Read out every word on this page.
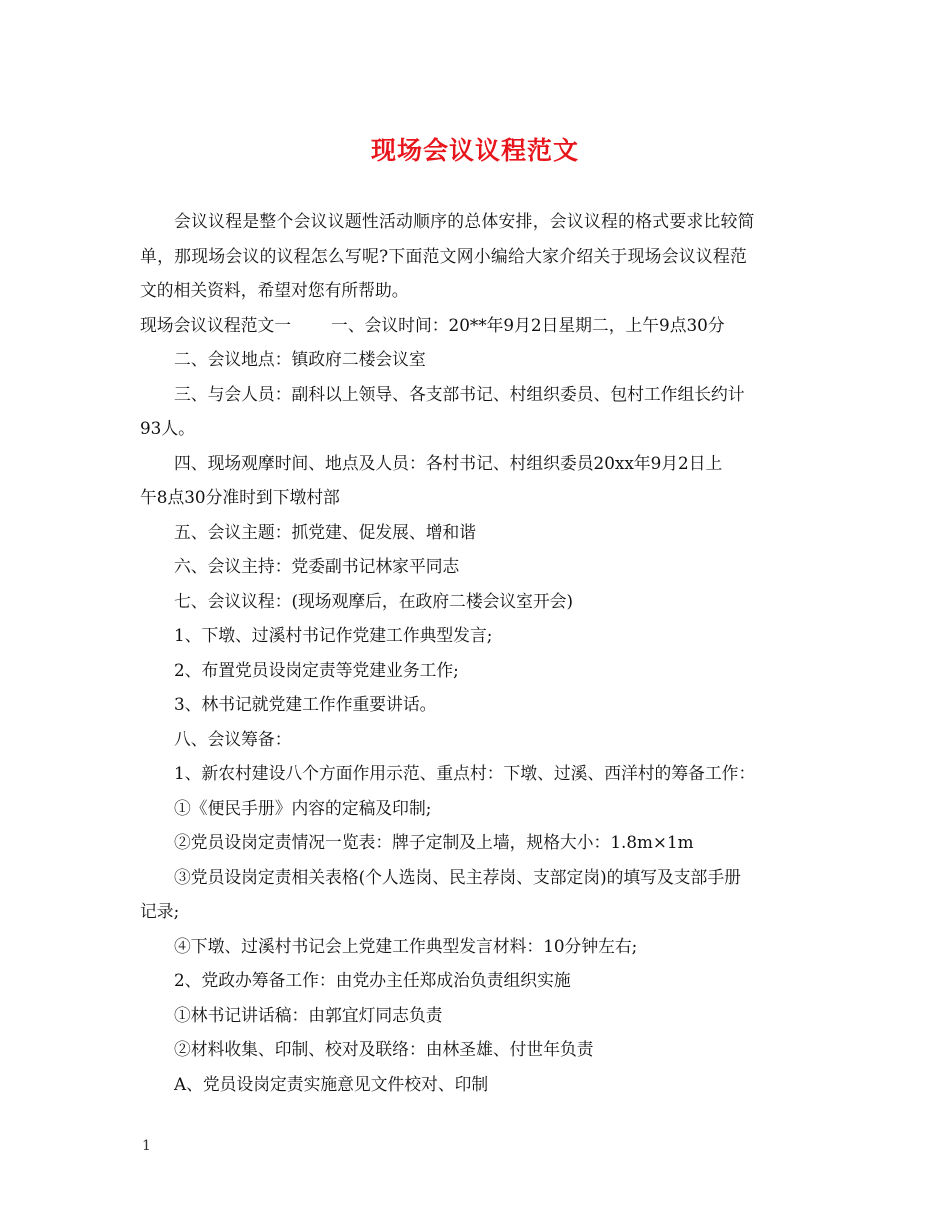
现场会议议程范文
会议议程是整个会议议题性活动顺序的总体安排，会议议程的格式要求比较简
单，那现场会议的议程怎么写呢?下面范文网小编给大家介绍关于现场会议议程范
文的相关资料，希望对您有所帮助。
现场会议议程范文一 一、会议时间：20**年9月2日星期二，上午9点30分
二、会议地点：镇政府二楼会议室
三、与会人员：副科以上领导、各支部书记、村组织委员、包村工作组长约计
93人。
四、现场观摩时间、地点及人员：各村书记、村组织委员20xx年9月2日上
午8点30分准时到下墩村部
五、会议主题：抓党建、促发展、增和谐
六、会议主持：党委副书记林家平同志
七、会议议程：(现场观摩后，在政府二楼会议室开会)
1、下墩、过溪村书记作党建工作典型发言;
2、布置党员设岗定责等党建业务工作;
3、林书记就党建工作作重要讲话。
八、会议筹备：
1、新农村建设八个方面作用示范、重点村：下墩、过溪、西洋村的筹备工作：
①《便民手册》内容的定稿及印制;
②党员设岗定责情况一览表：牌子定制及上墙，规格大小：1.8m×1m
③党员设岗定责相关表格(个人选岗、民主荐岗、支部定岗)的填写及支部手册
记录;
④下墩、过溪村书记会上党建工作典型发言材料：10分钟左右;
2、党政办筹备工作：由党办主任郑成治负责组织实施
①林书记讲话稿：由郭宜灯同志负责
②材料收集、印制、校对及联络：由林圣雄、付世年负责
A、党员设岗定责实施意见文件校对、印制
1
